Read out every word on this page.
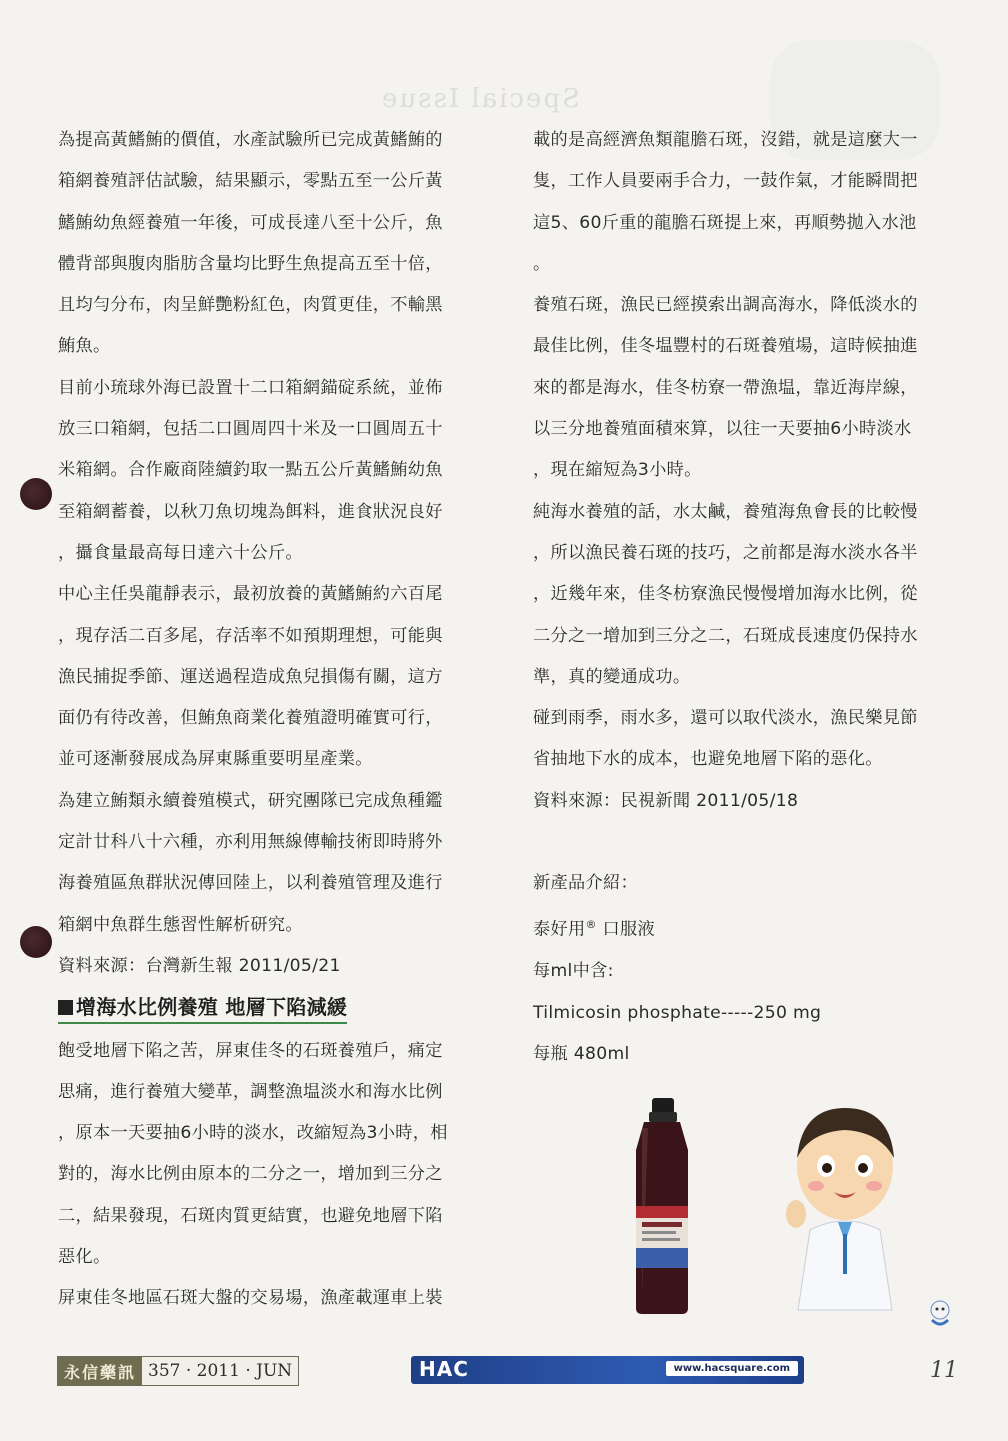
Special Issue

為提高黃鰭鮪的價值，水產試驗所已完成黃鰭鮪的
箱網養殖評估試驗，結果顯示，零點五至一公斤黃
鰭鮪幼魚經養殖一年後，可成長達八至十公斤，魚
體背部與腹肉脂肪含量均比野生魚提高五至十倍，
且均勻分布，肉呈鮮艷粉紅色，肉質更佳，不輸黑
鮪魚。

目前小琉球外海已設置十二口箱網錨碇系統，並佈
放三口箱網，包括二口圓周四十米及一口圓周五十
米箱網。合作廠商陸續釣取一點五公斤黃鰭鮪幼魚
至箱網蓄養，以秋刀魚切塊為餌料，進食狀況良好
，攝食量最高每日達六十公斤。

中心主任吳龍靜表示，最初放養的黃鰭鮪約六百尾
，現存活二百多尾，存活率不如預期理想，可能與
漁民捕捉季節、運送過程造成魚兒損傷有關，這方
面仍有待改善，但鮪魚商業化養殖證明確實可行，
並可逐漸發展成為屏東縣重要明星產業。

為建立鮪類永續養殖模式，研究團隊已完成魚種鑑
定計廿科八十六種，亦利用無線傳輸技術即時將外
海養殖區魚群狀況傳回陸上，以利養殖管理及進行
箱網中魚群生態習性解析研究。

資料來源：台灣新生報 2011/05/21

增海水比例養殖 地層下陷減緩

飽受地層下陷之苦，屏東佳冬的石斑養殖戶，痛定
思痛，進行養殖大變革，調整漁塭淡水和海水比例
，原本一天要抽6小時的淡水，改縮短為3小時，相
對的，海水比例由原本的二分之一，增加到三分之
二，結果發現，石斑肉質更結實，也避免地層下陷
惡化。

屏東佳冬地區石斑大盤的交易場，漁產載運車上裝

載的是高經濟魚類龍膽石斑，沒錯，就是這麼大一
隻，工作人員要兩手合力，一鼓作氣，才能瞬間把
這5、60斤重的龍膽石斑提上來，再順勢拋入水池
。

養殖石斑，漁民已經摸索出調高海水，降低淡水的
最佳比例，佳冬塭豐村的石斑養殖場，這時候抽進
來的都是海水，佳冬枋寮一帶漁塭，靠近海岸線，
以三分地養殖面積來算，以往一天要抽6小時淡水
，現在縮短為3小時。

純海水養殖的話，水太鹹，養殖海魚會長的比較慢
，所以漁民養石斑的技巧，之前都是海水淡水各半
，近幾年來，佳冬枋寮漁民慢慢增加海水比例，從
二分之一增加到三分之二，石斑成長速度仍保持水
準，真的變通成功。

碰到雨季，雨水多，還可以取代淡水，漁民樂見節
省抽地下水的成本，也避免地層下陷的惡化。

資料來源：民視新聞 2011/05/18

新產品介紹：

泰好用® 口服液

每ml中含:

Tilmicosin phosphate-----250 mg

每瓶 480ml

永信藥訊 357 · 2011 · JUN	HAC	www.hacsquare.com	11
